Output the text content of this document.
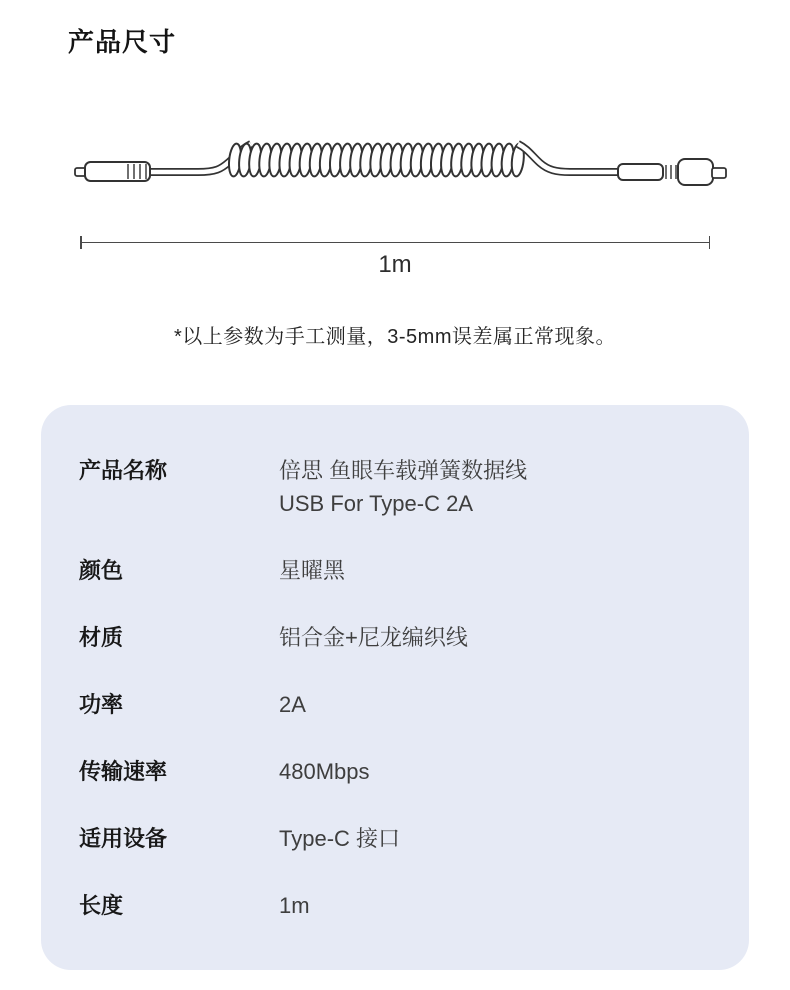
产品尺寸
1m
*以上参数为手工测量，3-5mm误差属正常现象。
产品名称	倍思 鱼眼车载弹簧数据线
USB For Type-C 2A
颜色	星曜黑
材质	铝合金+尼龙编织线
功率	2A
传输速率	480Mbps
适用设备	Type-C 接口
长度	1m
